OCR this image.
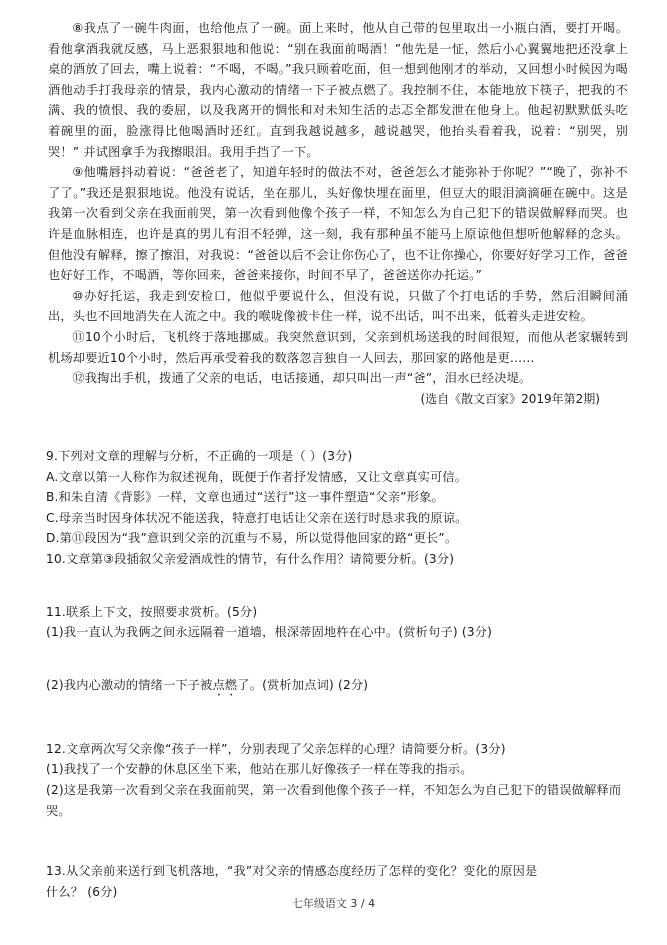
⑧我点了一碗牛肉面，也给他点了一碗。面上来时，他从自己带的包里取出一小瓶白酒，要打开喝。看他拿酒我就反感，马上恶狠狠地和他说：“别在我面前喝酒！”他先是一怔，然后小心翼翼地把还没拿上桌的酒放了回去，嘴上说着：“不喝，不喝。”我只顾着吃面，但一想到他刚才的举动，又回想小时候因为喝酒他动手打我母亲的情景，我内心激动的情绪一下子被点燃了。我控制不住，本能地放下筷子，把我的不满、我的愤恨、我的委屈，以及我离开的惆怅和对未知生活的忐忑全都发泄在他身上。他起初默默低头吃着碗里的面，脸涨得比他喝酒时还红。直到我越说越多，越说越哭，他抬头看着我，说着：“别哭，别哭！” 并试图拿手为我擦眼泪。我用手挡了一下。

⑨他嘴唇抖动着说：“爸爸老了，知道年轻时的做法不对，爸爸怎么才能弥补于你呢？”“晚了，弥补不了了。”我还是狠狠地说。他没有说话，坐在那儿，头好像快埋在面里，但豆大的眼泪滴滴砸在碗中。这是我第一次看到父亲在我面前哭，第一次看到他像个孩子一样，不知怎么为自己犯下的错误做解释而哭。也许是血脉相连，也许是真的男儿有泪不轻弹，这一刻，我有那种虽不能马上原谅他但想听他解释的念头。但他没有解释，擦了擦泪，对我说：“爸爸以后不会让你伤心了，也不让你操心，你要好好学习工作，爸爸也好好工作，不喝酒，等你回来，爸爸来接你，时间不早了，爸爸送你办托运。”

⑩办好托运，我走到安检口，他似乎要说什么，但没有说，只做了个打电话的手势，然后泪瞬间涌出，头也不回地消失在人流之中。我的喉咙像被卡住一样，说不出话，叫不出来，低着头走进安检。

⑪10个小时后，飞机终于落地挪威。我突然意识到，父亲到机场送我的时间很短，而他从老家辗转到机场却要近10个小时，然后再承受着我的数落忽言独自一人回去，那回家的路他是更……

⑫我掏出手机，拨通了父亲的电话，电话接通，却只叫出一声“爸”，泪水已经决堤。

(选自《散文百家》2019年第2期)

9.下列对文章的理解与分析，不正确的一项是（ ）(3分)

A.文章以第一人称作为叙述视角，既便于作者抒发情感，又让文章真实可信。

B.和朱自清《背影》一样，文章也通过“送行”这一事件塑造“父亲”形象。

C.母亲当时因身体状况不能送我，特意打电话让父亲在送行时恳求我的原谅。

D.第⑪段因为“我”意识到父亲的沉重与不易，所以觉得他回家的路“更长”。

10.文章第③段插叙父亲爱酒成性的情节，有什么作用？请简要分析。(3分)

11.联系上下文，按照要求赏析。(5分)

(1)我一直认为我俩之间永远隔着一道墙，根深蒂固地杵在心中。(赏析句子) (3分)

(2)我内心激动的情绪一下子被点燃了。(赏析加点词) (2分)

12.文章两次写父亲像“孩子一样”，分别表现了父亲怎样的心理？请简要分析。(3分)

(1)我找了一个安静的休息区坐下来，他站在那儿好像孩子一样在等我的指示。

(2)这是我第一次看到父亲在我面前哭，第一次看到他像个孩子一样，不知怎么为自己犯下的错误做解释而哭。

13.从父亲前来送行到飞机落地，“我”对父亲的情感态度经历了怎样的变化？变化的原因是

什么？ (6分)

七年级语文 3 / 4
